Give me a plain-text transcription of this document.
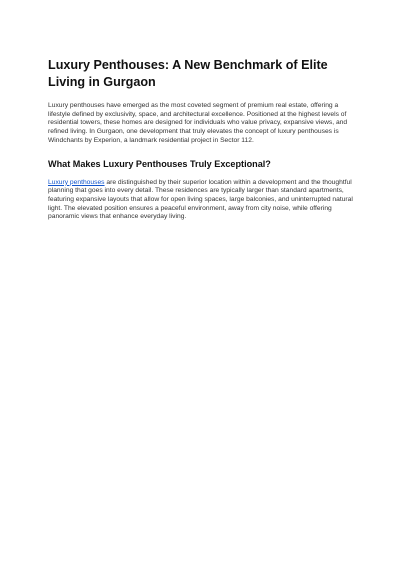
Luxury Penthouses: A New Benchmark of Elite Living in Gurgaon

Luxury penthouses have emerged as the most coveted segment of premium real estate, offering a lifestyle defined by exclusivity, space, and architectural excellence. Positioned at the highest levels of residential towers, these homes are designed for individuals who value privacy, expansive views, and refined living. In Gurgaon, one development that truly elevates the concept of luxury penthouses is Windchants by Experion, a landmark residential project in Sector 112.

What Makes Luxury Penthouses Truly Exceptional?

Luxury penthouses are distinguished by their superior location within a development and the thoughtful planning that goes into every detail. These residences are typically larger than standard apartments, featuring expansive layouts that allow for open living spaces, large balconies, and uninterrupted natural light. The elevated position ensures a peaceful environment, away from city noise, while offering panoramic views that enhance everyday living.
